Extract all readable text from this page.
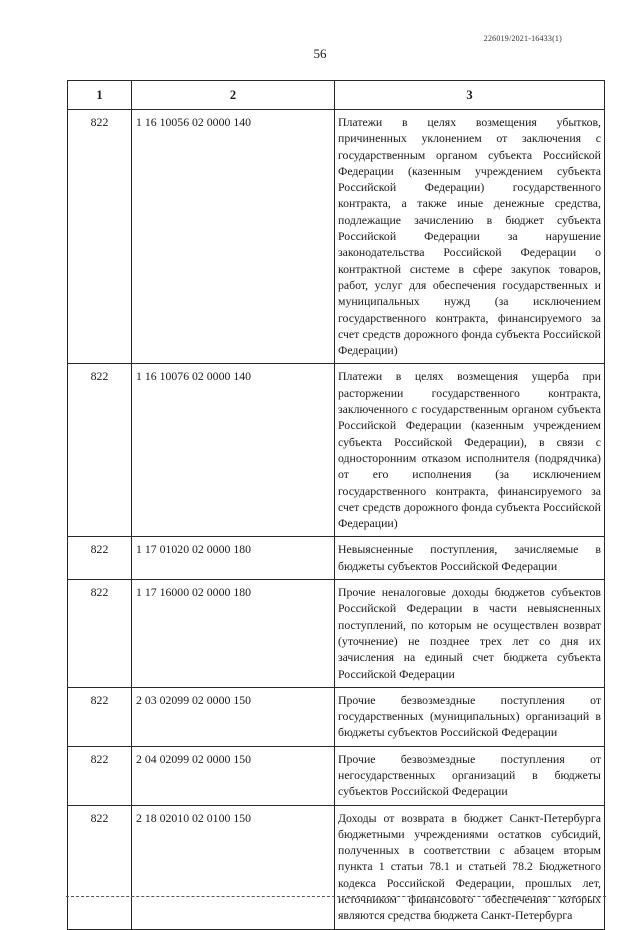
226019/2021-16433(1)
56
1	2	3
822	1 16 10056 02 0000 140	Платежи в целях возмещения убытков, причиненных уклонением от заключения с государственным органом субъекта Российской Федерации (казенным учреждением субъекта Российской Федерации) государственного контракта, а также иные денежные средства, подлежащие зачислению в бюджет субъекта Российской Федерации за нарушение законодательства Российской Федерации о контрактной системе в сфере закупок товаров, работ, услуг для обеспечения государственных и муниципальных нужд (за исключением государственного контракта, финансируемого за счет средств дорожного фонда субъекта Российской Федерации)
822	1 16 10076 02 0000 140	Платежи в целях возмещения ущерба при расторжении государственного контракта, заключенного с государственным органом субъекта Российской Федерации (казенным учреждением субъекта Российской Федерации), в связи с односторонним отказом исполнителя (подрядчика) от его исполнения (за исключением государственного контракта, финансируемого за счет средств дорожного фонда субъекта Российской Федерации)
822	1 17 01020 02 0000 180	Невыясненные поступления, зачисляемые в бюджеты субъектов Российской Федерации
822	1 17 16000 02 0000 180	Прочие неналоговые доходы бюджетов субъектов Российской Федерации в части невыясненных поступлений, по которым не осуществлен возврат (уточнение) не позднее трех лет со дня их зачисления на единый счет бюджета субъекта Российской Федерации
822	2 03 02099 02 0000 150	Прочие безвозмездные поступления от государственных (муниципальных) организаций в бюджеты субъектов Российской Федерации
822	2 04 02099 02 0000 150	Прочие безвозмездные поступления от негосударственных организаций в бюджеты субъектов Российской Федерации
822	2 18 02010 02 0100 150	Доходы от возврата в бюджет Санкт-Петербурга бюджетными учреждениями остатков субсидий, полученных в соответствии с абзацем вторым пункта 1 статьи 78.1 и статьей 78.2 Бюджетного кодекса Российской Федерации, прошлых лет, источником финансового обеспечения которых являются средства бюджета Санкт-Петербурга
